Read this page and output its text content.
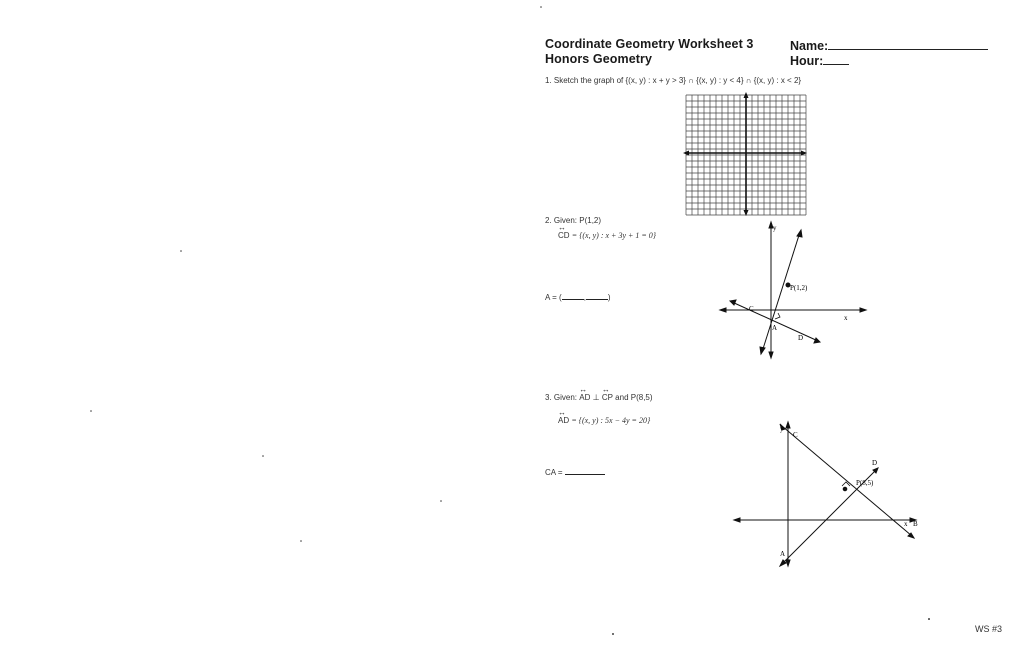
Coordinate Geometry Worksheet 3
Honors Geometry
Name:
Hour:
1. Sketch the graph of {(x, y) : x + y > 3} ∩ {(x, y) : y < 4} ∩ {(x, y) : x < 2}
2. Given: P(1,2)
↔
CD = {(x, y) : x + 3y + 1 = 0}
A = (	,	)
y
x
P(1,2)
C
A
D
3. Given:
↔
AD ⊥
↔
CP and P(8,5)
↔
AD = {(x, y) : 5x − 4y = 20}
CA =
y
C
D
P(8,5)
x B
A
WS #3
